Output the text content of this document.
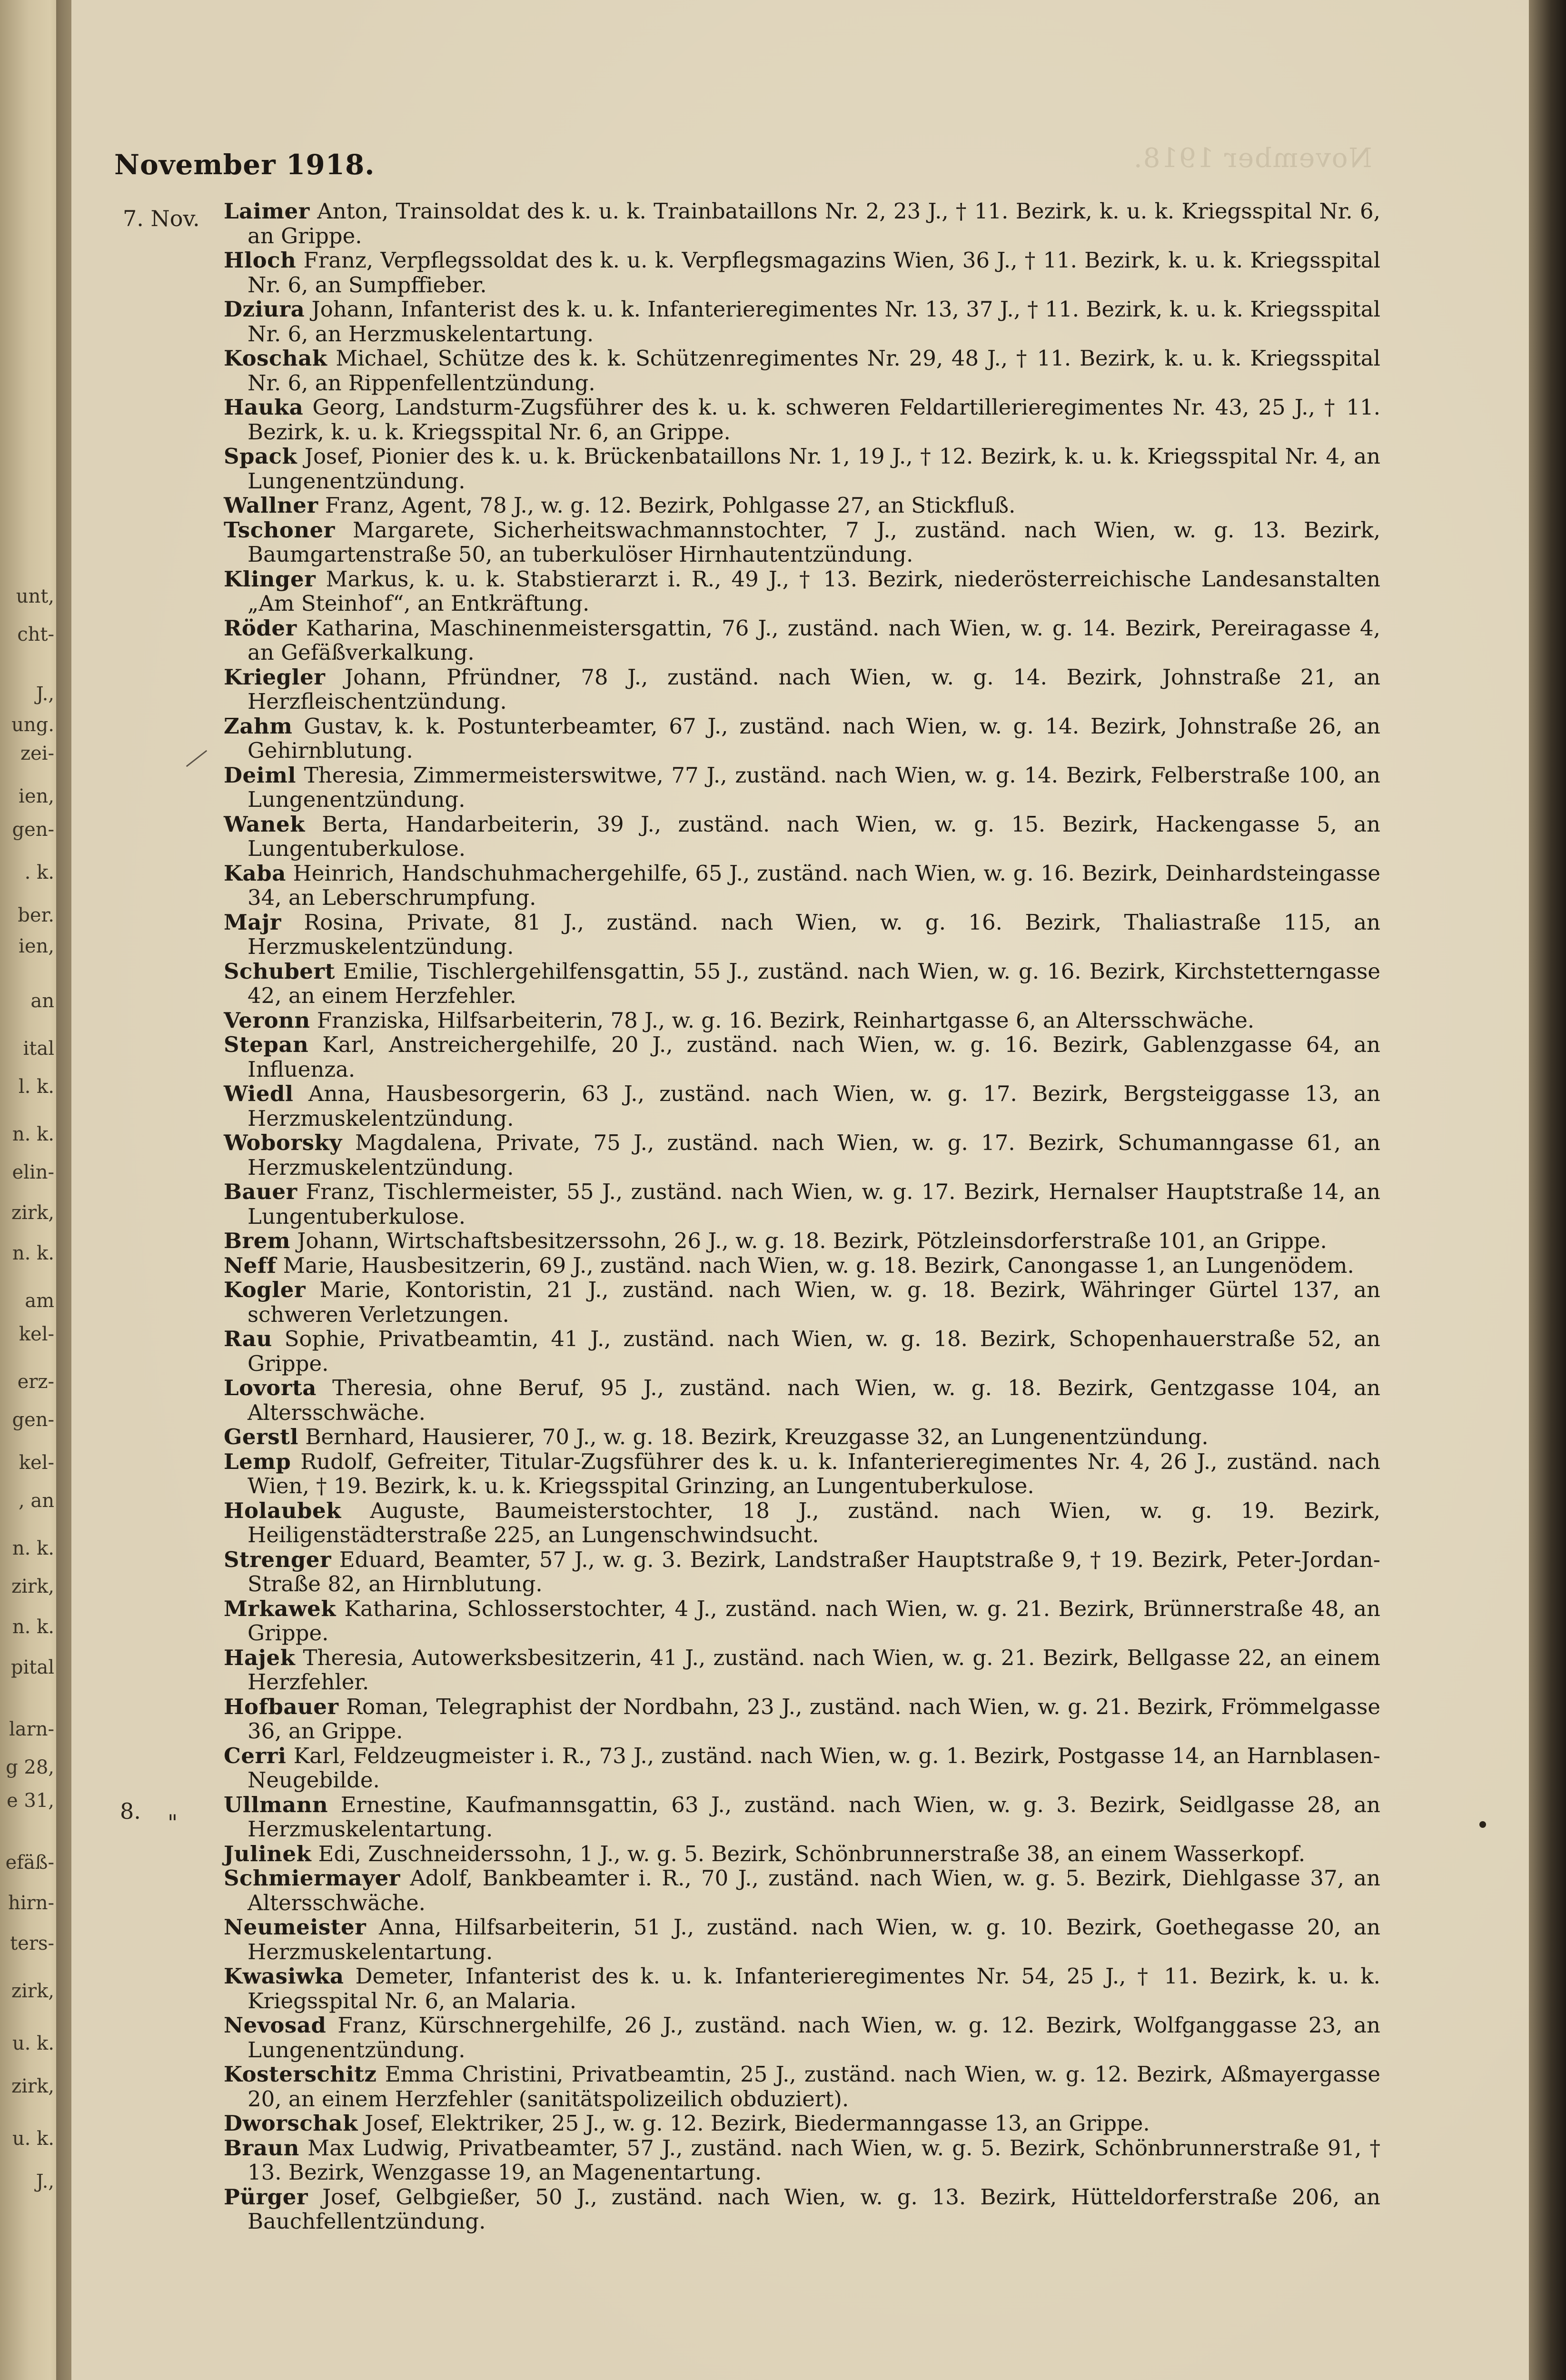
unt,
cht-
J.,
ung.
zei-
ien,
gen-
. k.
ber.
ien,
an
ital
l. k.
n. k.
elin-
zirk,
n. k.
am
kel-
erz-
gen-
kel-
, an
n. k.
zirk,
n. k.
pital
larn-
g 28,
e 31,
efäß-
hirn-
ters-
zirk,
u. k.
zirk,
u. k.
J.,
November 1918.
November 1918.
7. Nov.
8.	"
Laimer Anton, Trainsoldat des k. u. k. Trainbataillons Nr. 2, 23 J., † 11. Bezirk, k. u. k. Kriegsspital Nr. 6, an Grippe.
Hloch Franz, Verpflegssoldat des k. u. k. Verpflegsmagazins Wien, 36 J., † 11. Bezirk, k. u. k. Kriegsspital Nr. 6, an Sumpffieber.
Dziura Johann, Infanterist des k. u. k. Infanterieregimentes Nr. 13, 37 J., † 11. Bezirk, k. u. k. Kriegsspital Nr. 6, an Herzmuskelentartung.
Koschak Michael, Schütze des k. k. Schützenregimentes Nr. 29, 48 J., † 11. Bezirk, k. u. k. Kriegsspital Nr. 6, an Rippenfellentzündung.
Hauka Georg, Landsturm-Zugsführer des k. u. k. schweren Feldartillerieregimentes Nr. 43, 25 J., † 11. Bezirk, k. u. k. Kriegsspital Nr. 6, an Grippe.
Spack Josef, Pionier des k. u. k. Brückenbataillons Nr. 1, 19 J., † 12. Bezirk, k. u. k. Kriegsspital Nr. 4, an Lungenentzündung.
Wallner Franz, Agent, 78 J., w. g. 12. Bezirk, Pohlgasse 27, an Stickfluß.
Tschoner Margarete, Sicherheitswachmannstochter, 7 J., zuständ. nach Wien, w. g. 13. Bezirk, Baumgartenstraße 50, an tuberkulöser Hirnhautentzündung.
Klinger Markus, k. u. k. Stabstierarzt i. R., 49 J., † 13. Bezirk, niederösterreichische Landesanstalten „Am Steinhof“, an Entkräftung.
Röder Katharina, Maschinenmeistersgattin, 76 J., zuständ. nach Wien, w. g. 14. Bezirk, Pereiragasse 4, an Gefäßverkalkung.
Kriegler Johann, Pfründner, 78 J., zuständ. nach Wien, w. g. 14. Bezirk, Johnstraße 21, an Herzfleischentzündung.
Zahm Gustav, k. k. Postunterbeamter, 67 J., zuständ. nach Wien, w. g. 14. Bezirk, Johnstraße 26, an Gehirnblutung.
Deiml Theresia, Zimmermeisterswitwe, 77 J., zuständ. nach Wien, w. g. 14. Bezirk, Felberstraße 100, an Lungenentzündung.
Wanek Berta, Handarbeiterin, 39 J., zuständ. nach Wien, w. g. 15. Bezirk, Hackengasse 5, an Lungentuberkulose.
Kaba Heinrich, Handschuhmachergehilfe, 65 J., zuständ. nach Wien, w. g. 16. Bezirk, Deinhardsteingasse 34, an Leberschrumpfung.
Majr Rosina, Private, 81 J., zuständ. nach Wien, w. g. 16. Bezirk, Thaliastraße 115, an Herzmuskelentzündung.
Schubert Emilie, Tischlergehilfensgattin, 55 J., zuständ. nach Wien, w. g. 16. Bezirk, Kirchstetterngasse 42, an einem Herzfehler.
Veronn Franziska, Hilfsarbeiterin, 78 J., w. g. 16. Bezirk, Reinhartgasse 6, an Altersschwäche.
Stepan Karl, Anstreichergehilfe, 20 J., zuständ. nach Wien, w. g. 16. Bezirk, Gablenzgasse 64, an Influenza.
Wiedl Anna, Hausbesorgerin, 63 J., zuständ. nach Wien, w. g. 17. Bezirk, Bergsteiggasse 13, an Herzmuskelentzündung.
Woborsky Magdalena, Private, 75 J., zuständ. nach Wien, w. g. 17. Bezirk, Schumanngasse 61, an Herzmuskelentzündung.
Bauer Franz, Tischlermeister, 55 J., zuständ. nach Wien, w. g. 17. Bezirk, Hernalser Hauptstraße 14, an Lungentuberkulose.
Brem Johann, Wirtschaftsbesitzerssohn, 26 J., w. g. 18. Bezirk, Pötzleinsdorferstraße 101, an Grippe.
Neff Marie, Hausbesitzerin, 69 J., zuständ. nach Wien, w. g. 18. Bezirk, Canongasse 1, an Lungenödem.
Kogler Marie, Kontoristin, 21 J., zuständ. nach Wien, w. g. 18. Bezirk, Währinger Gürtel 137, an schweren Verletzungen.
Rau Sophie, Privatbeamtin, 41 J., zuständ. nach Wien, w. g. 18. Bezirk, Schopenhauerstraße 52, an Grippe.
Lovorta Theresia, ohne Beruf, 95 J., zuständ. nach Wien, w. g. 18. Bezirk, Gentzgasse 104, an Altersschwäche.
Gerstl Bernhard, Hausierer, 70 J., w. g. 18. Bezirk, Kreuzgasse 32, an Lungenentzündung.
Lemp Rudolf, Gefreiter, Titular-Zugsführer des k. u. k. Infanterieregimentes Nr. 4, 26 J., zuständ. nach Wien, † 19. Bezirk, k. u. k. Kriegsspital Grinzing, an Lungentuberkulose.
Holaubek Auguste, Baumeisterstochter, 18 J., zuständ. nach Wien, w. g. 19. Bezirk, Heiligenstädterstraße 225, an Lungenschwindsucht.
Strenger Eduard, Beamter, 57 J., w. g. 3. Bezirk, Landstraßer Hauptstraße 9, † 19. Bezirk, Peter-Jordan-Straße 82, an Hirnblutung.
Mrkawek Katharina, Schlosserstochter, 4 J., zuständ. nach Wien, w. g. 21. Bezirk, Brünnerstraße 48, an Grippe.
Hajek Theresia, Autowerksbesitzerin, 41 J., zuständ. nach Wien, w. g. 21. Bezirk, Bellgasse 22, an einem Herzfehler.
Hofbauer Roman, Telegraphist der Nordbahn, 23 J., zuständ. nach Wien, w. g. 21. Bezirk, Frömmelgasse 36, an Grippe.
Cerri Karl, Feldzeugmeister i. R., 73 J., zuständ. nach Wien, w. g. 1. Bezirk, Postgasse 14, an Harnblasen-Neugebilde.
Ullmann Ernestine, Kaufmannsgattin, 63 J., zuständ. nach Wien, w. g. 3. Bezirk, Seidlgasse 28, an Herzmuskelentartung.
Julinek Edi, Zuschneiderssohn, 1 J., w. g. 5. Bezirk, Schönbrunnerstraße 38, an einem Wasserkopf.
Schmiermayer Adolf, Bankbeamter i. R., 70 J., zuständ. nach Wien, w. g. 5. Bezirk, Diehlgasse 37, an Altersschwäche.
Neumeister Anna, Hilfsarbeiterin, 51 J., zuständ. nach Wien, w. g. 10. Bezirk, Goethegasse 20, an Herzmuskelentartung.
Kwasiwka Demeter, Infanterist des k. u. k. Infanterieregimentes Nr. 54, 25 J., † 11. Bezirk, k. u. k. Kriegsspital Nr. 6, an Malaria.
Nevosad Franz, Kürschnergehilfe, 26 J., zuständ. nach Wien, w. g. 12. Bezirk, Wolfganggasse 23, an Lungenentzündung.
Kosterschitz Emma Christini, Privatbeamtin, 25 J., zuständ. nach Wien, w. g. 12. Bezirk, Aßmayergasse 20, an einem Herzfehler (sanitätspolizeilich obduziert).
Dworschak Josef, Elektriker, 25 J., w. g. 12. Bezirk, Biedermanngasse 13, an Grippe.
Braun Max Ludwig, Privatbeamter, 57 J., zuständ. nach Wien, w. g. 5. Bezirk, Schönbrunnerstraße 91, † 13. Bezirk, Wenzgasse 19, an Magenentartung.
Pürger Josef, Gelbgießer, 50 J., zuständ. nach Wien, w. g. 13. Bezirk, Hütteldorferstraße 206, an Bauchfellentzündung.
